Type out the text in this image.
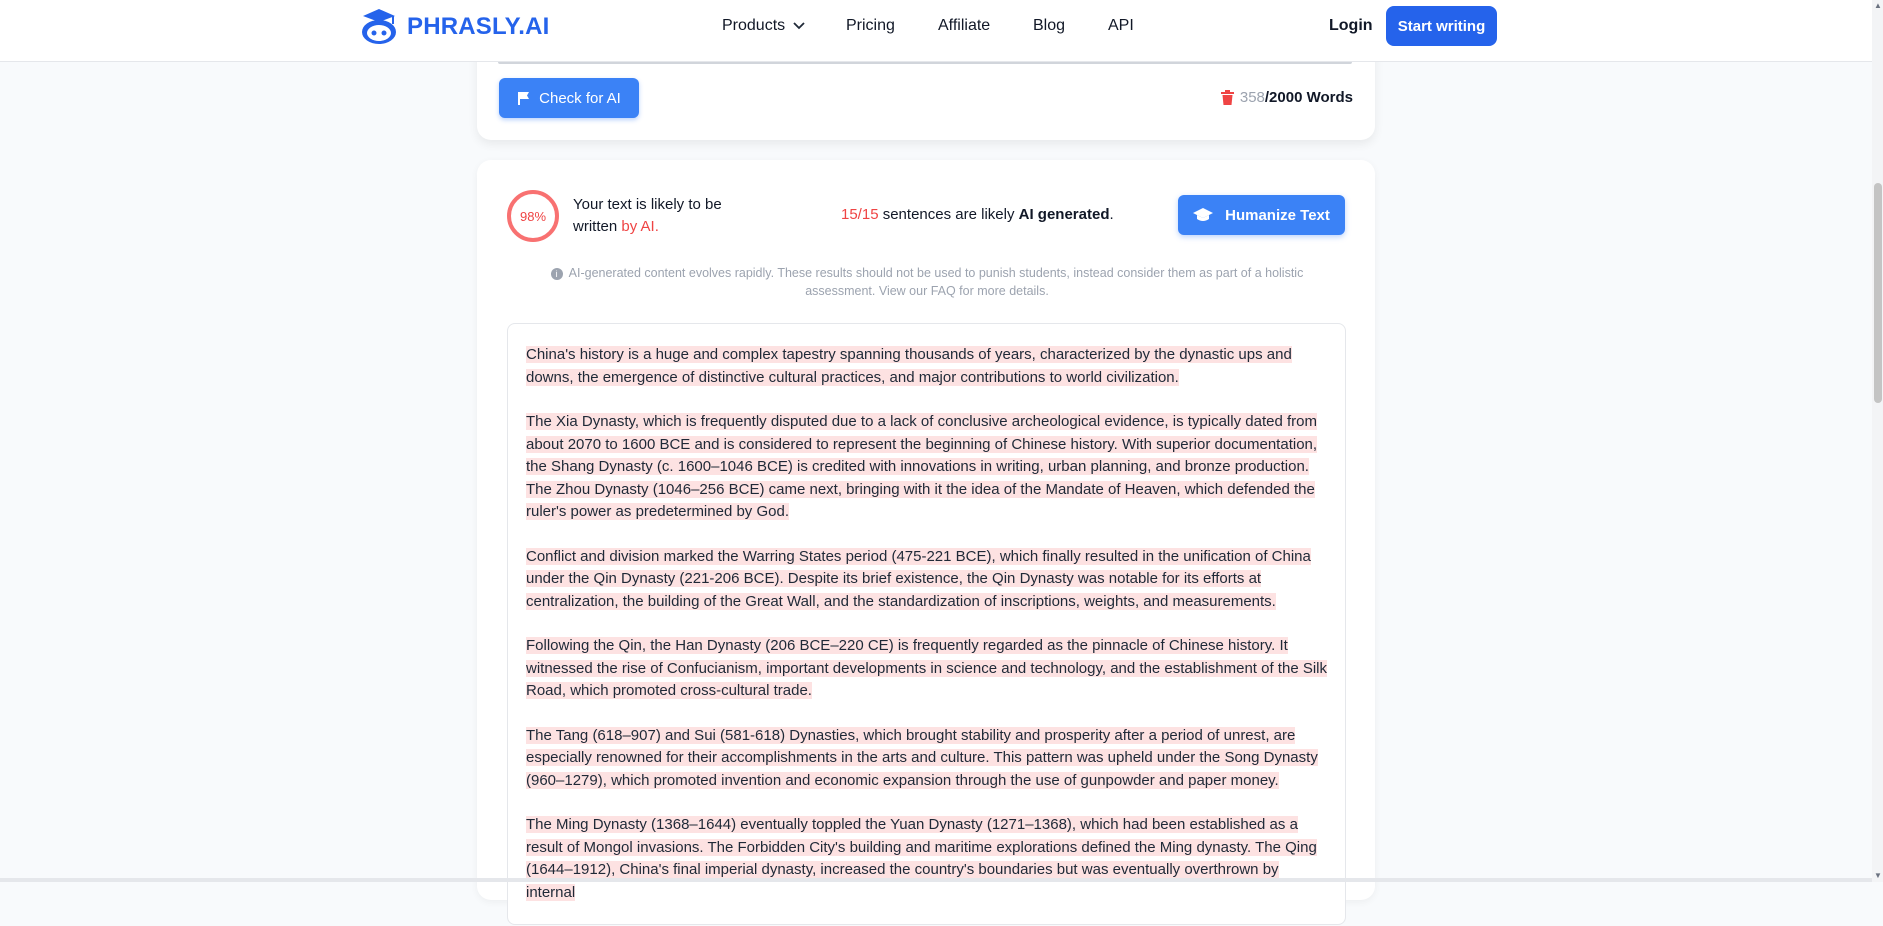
PHRASLY.AI	Products	Pricing	Affiliate	Blog	API	Login	Start writing
Check for AI	358/2000 Words
98%
Your text is likely to be written by AI.
15/15 sentences are likely AI generated.	Humanize Text
i AI-generated content evolves rapidly. These results should not be used to punish students, instead consider them as part of a holistic assessment. View our FAQ for more details.

China's history is a huge and complex tapestry spanning thousands of years, characterized by the dynastic ups and downs, the emergence of distinctive cultural practices, and major contributions to world civilization.

The Xia Dynasty, which is frequently disputed due to a lack of conclusive archeological evidence, is typically dated from about 2070 to 1600 BCE and is considered to represent the beginning of Chinese history. With superior documentation, the Shang Dynasty (c. 1600–1046 BCE) is credited with innovations in writing, urban planning, and bronze production. The Zhou Dynasty (1046–256 BCE) came next, bringing with it the idea of the Mandate of Heaven, which defended the ruler's power as predetermined by God.

Conflict and division marked the Warring States period (475-221 BCE), which finally resulted in the unification of China under the Qin Dynasty (221-206 BCE). Despite its brief existence, the Qin Dynasty was notable for its efforts at centralization, the building of the Great Wall, and the standardization of inscriptions, weights, and measurements.

Following the Qin, the Han Dynasty (206 BCE–220 CE) is frequently regarded as the pinnacle of Chinese history. It witnessed the rise of Confucianism, important developments in science and technology, and the establishment of the Silk Road, which promoted cross-cultural trade.

The Tang (618–907) and Sui (581-618) Dynasties, which brought stability and prosperity after a period of unrest, are especially renowned for their accomplishments in the arts and culture. This pattern was upheld under the Song Dynasty (960–1279), which promoted invention and economic expansion through the use of gunpowder and paper money.

The Ming Dynasty (1368–1644) eventually toppled the Yuan Dynasty (1271–1368), which had been established as a result of Mongol invasions. The Forbidden City's building and maritime explorations defined the Ming dynasty. The Qing (1644–1912), China's final imperial dynasty, increased the country's boundaries but was eventually overthrown by internal

▲
▼
